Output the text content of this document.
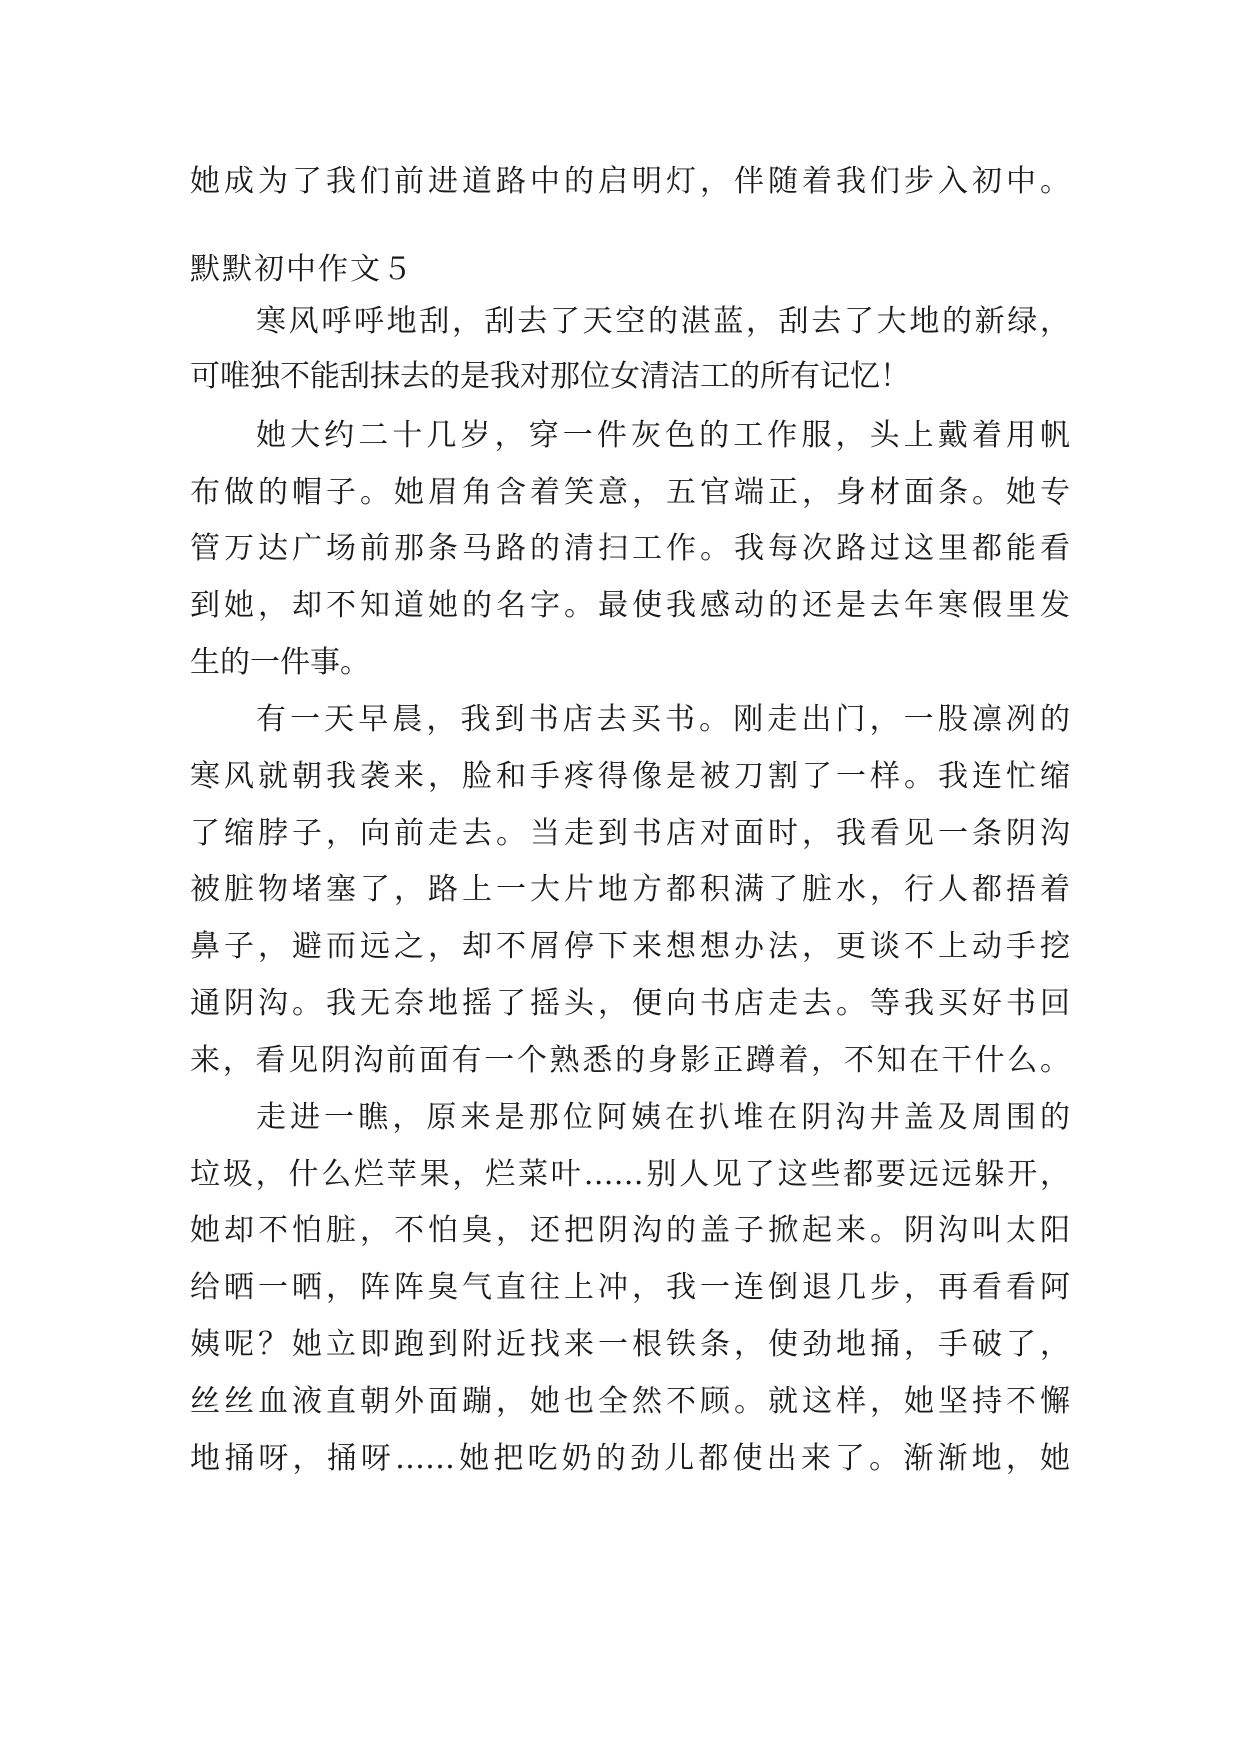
她成为了我们前进道路中的启明灯，伴随着我们步入初中。
默默初中作文５
寒风呼呼地刮，刮去了天空的湛蓝，刮去了大地的新绿，
可唯独不能刮抹去的是我对那位女清洁工的所有记忆！
她大约二十几岁，穿一件灰色的工作服，头上戴着用帆
布做的帽子。她眉角含着笑意，五官端正，身材面条。她专
管万达广场前那条马路的清扫工作。我每次路过这里都能看
到她，却不知道她的名字。最使我感动的还是去年寒假里发
生的一件事。
有一天早晨，我到书店去买书。刚走出门，一股凛冽的
寒风就朝我袭来，脸和手疼得像是被刀割了一样。我连忙缩
了缩脖子，向前走去。当走到书店对面时，我看见一条阴沟
被脏物堵塞了，路上一大片地方都积满了脏水，行人都捂着
鼻子，避而远之，却不屑停下来想想办法，更谈不上动手挖
通阴沟。我无奈地摇了摇头，便向书店走去。等我买好书回
来，看见阴沟前面有一个熟悉的身影正蹲着，不知在干什么。
走进一瞧，原来是那位阿姨在扒堆在阴沟井盖及周围的
垃圾，什么烂苹果，烂菜叶……别人见了这些都要远远躲开，
她却不怕脏，不怕臭，还把阴沟的盖子掀起来。阴沟叫太阳
给晒一晒，阵阵臭气直往上冲，我一连倒退几步，再看看阿
姨呢？她立即跑到附近找来一根铁条，使劲地捅，手破了，
丝丝血液直朝外面蹦，她也全然不顾。就这样，她坚持不懈
地捅呀，捅呀……她把吃奶的劲儿都使出来了。渐渐地，她
